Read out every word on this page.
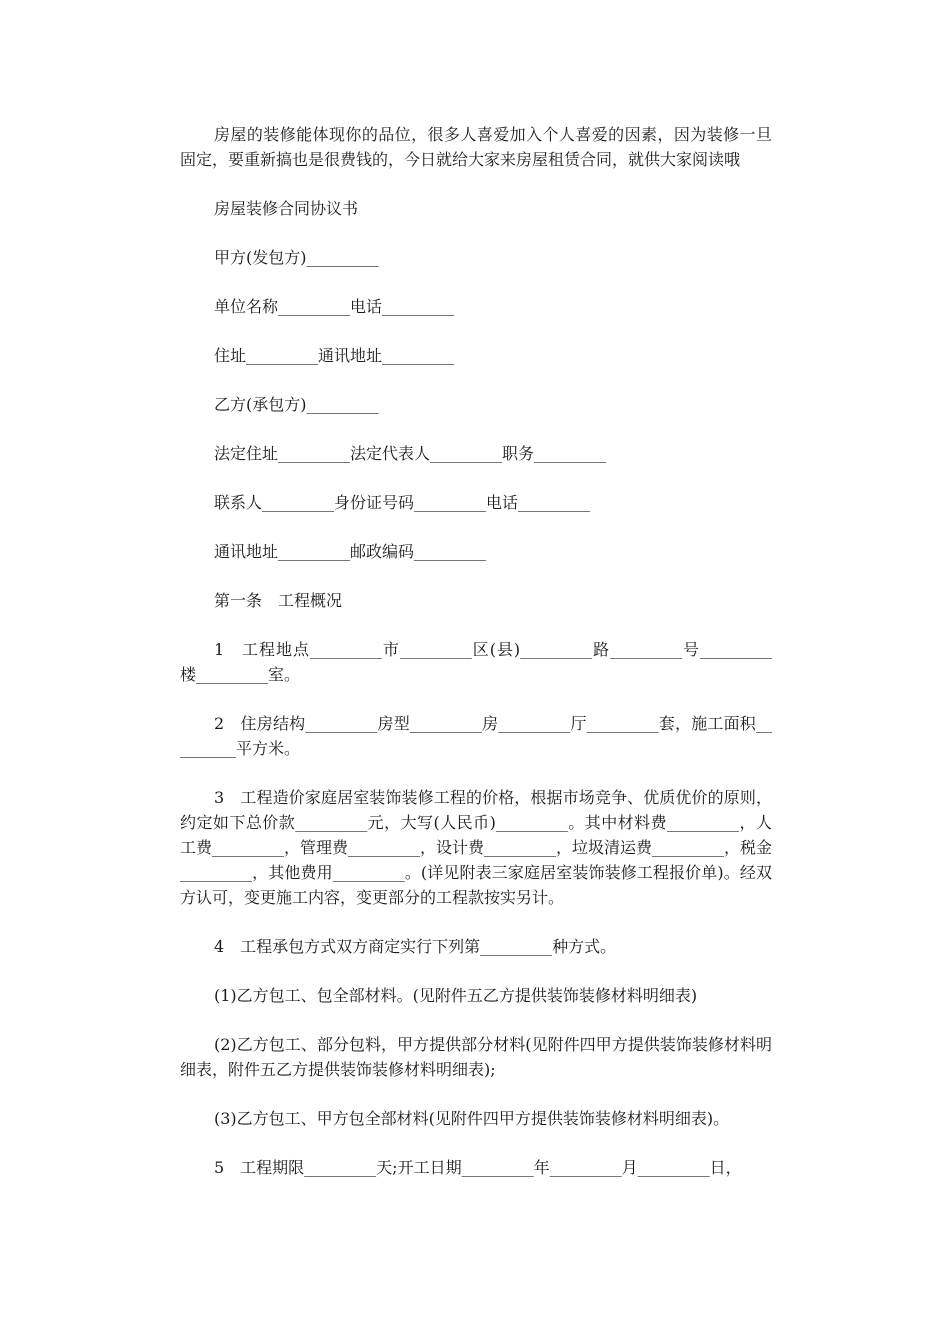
房屋的装修能体现你的品位，很多人喜爱加入个人喜爱的因素，因为装修一旦固定，要重新搞也是很费钱的，今日就给大家来房屋租赁合同，就供大家阅读哦

房屋装修合同协议书

甲方(发包方)_________

单位名称_________电话_________

住址_________通讯地址_________

乙方(承包方)_________

法定住址_________法定代表人_________职务_________

联系人_________身份证号码_________电话_________

通讯地址_________邮政编码_________

第一条　工程概况

1　工程地点_________市_________区(县)_________路_________号_________楼_________室。

2　住房结构_________房型_________房_________厅_________套，施工面积_________平方米。

3　工程造价家庭居室装饰装修工程的价格，根据市场竞争、优质优价的原则，约定如下总价款_________元，大写(人民币)_________。其中材料费_________，人工费_________，管理费_________，设计费_________，垃圾清运费_________，税金_________，其他费用_________。(详见附表三家庭居室装饰装修工程报价单)。经双方认可，变更施工内容，变更部分的工程款按实另计。

4　工程承包方式双方商定实行下列第_________种方式。

(1)乙方包工、包全部材料。(见附件五乙方提供装饰装修材料明细表)

(2)乙方包工、部分包料，甲方提供部分材料(见附件四甲方提供装饰装修材料明细表，附件五乙方提供装饰装修材料明细表);

(3)乙方包工、甲方包全部材料(见附件四甲方提供装饰装修材料明细表)。

5　工程期限_________天;开工日期_________年_________月_________日，
